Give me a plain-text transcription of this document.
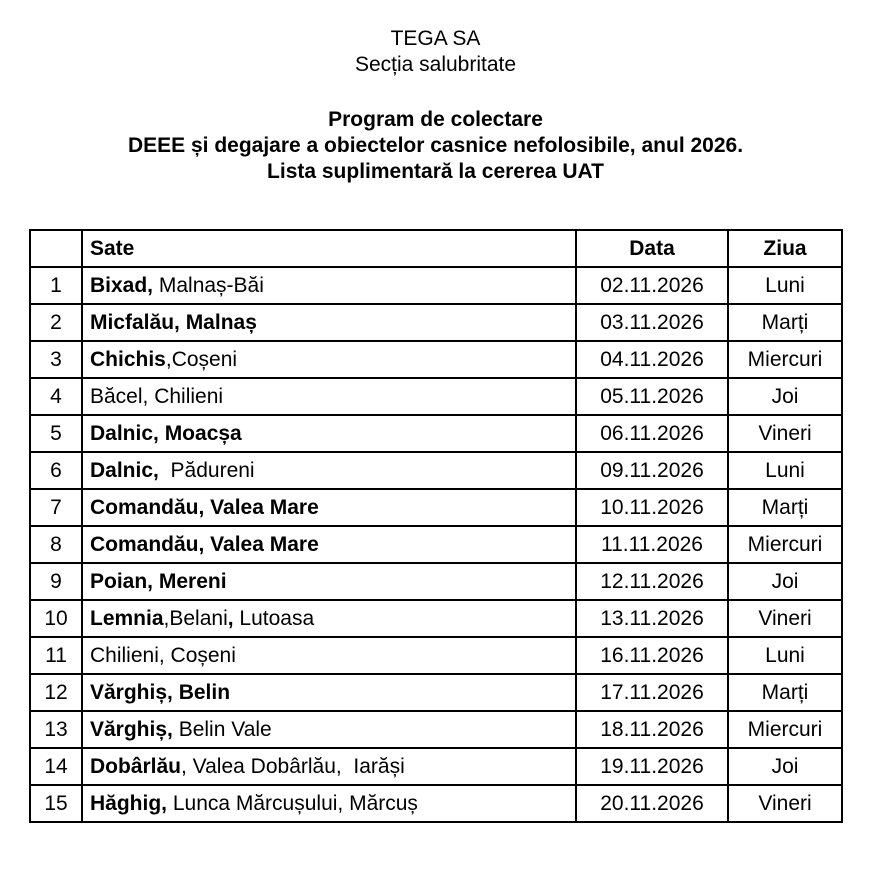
TEGA SA
Secția salubritate
Program de colectare
DEEE și degajare a obiectelor casnice nefolosibile, anul 2026.
Lista suplimentară la cererea UAT
	Sate	Data	Ziua
1	Bixad, Malnaș-Băi	02.11.2026	Luni
2	Micfalău, Malnaș	03.11.2026	Marți
3	Chichis,Coșeni	04.11.2026	Miercuri
4	Băcel, Chilieni	05.11.2026	Joi
5	Dalnic, Moacșa	06.11.2026	Vineri
6	Dalnic,  Pădureni	09.11.2026	Luni
7	Comandău, Valea Mare	10.11.2026	Marți
8	Comandău, Valea Mare	11.11.2026	Miercuri
9	Poian, Mereni	12.11.2026	Joi
10	Lemnia,Belani, Lutoasa	13.11.2026	Vineri
11	Chilieni, Coșeni	16.11.2026	Luni
12	Vărghiș, Belin	17.11.2026	Marți
13	Vărghiș, Belin Vale	18.11.2026	Miercuri
14	Dobârlău, Valea Dobârlău,  Iarăși	19.11.2026	Joi
15	Hăghig, Lunca Mărcușului, Mărcuș	20.11.2026	Vineri
